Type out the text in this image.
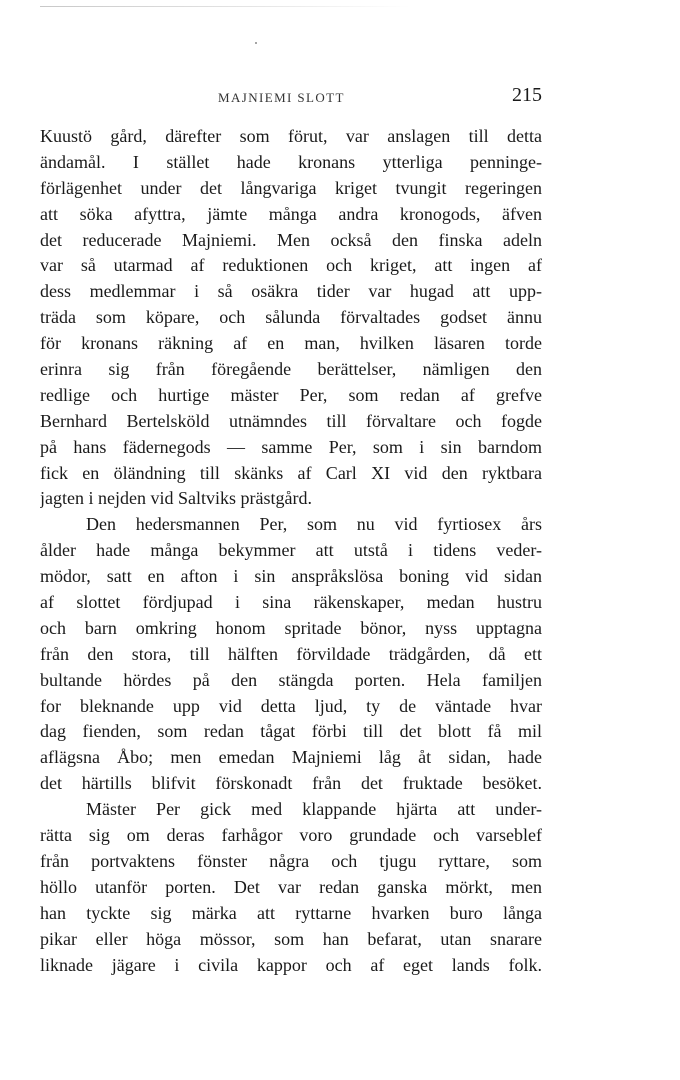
MAJNIEMI SLOTT	215
Kuustö gård, därefter som förut, var anslagen till detta
ändamål. I stället hade kronans ytterliga penninge-
förlägenhet under det långvariga kriget tvungit regeringen
att söka afyttra, jämte många andra kronogods, äfven
det reducerade Majniemi. Men också den finska adeln
var så utarmad af reduktionen och kriget, att ingen af
dess medlemmar i så osäkra tider var hugad att upp-
träda som köpare, och sålunda förvaltades godset ännu
för kronans räkning af en man, hvilken läsaren torde
erinra sig från föregående berättelser, nämligen den
redlige och hurtige mäster Per, som redan af grefve
Bernhard Bertelsköld utnämndes till förvaltare och fogde
på hans fädernegods — samme Per, som i sin barndom
fick en öländning till skänks af Carl XI vid den ryktbara
jagten i nejden vid Saltviks prästgård.
Den hedersmannen Per, som nu vid fyrtiosex års
ålder hade många bekymmer att utstå i tidens veder-
mödor, satt en afton i sin anspråkslösa boning vid sidan
af slottet fördjupad i sina räkenskaper, medan hustru
och barn omkring honom spritade bönor, nyss upptagna
från den stora, till hälften förvildade trädgården, då ett
bultande hördes på den stängda porten. Hela familjen
for bleknande upp vid detta ljud, ty de väntade hvar
dag fienden, som redan tågat förbi till det blott få mil
aflägsna Åbo; men emedan Majniemi låg åt sidan, hade
det härtills blifvit förskonadt från det fruktade besöket.
Mäster Per gick med klappande hjärta att under-
rätta sig om deras farhågor voro grundade och varseblef
från portvaktens fönster några och tjugu ryttare, som
höllo utanför porten. Det var redan ganska mörkt, men
han tyckte sig märka att ryttarne hvarken buro långa
pikar eller höga mössor, som han befarat, utan snarare
liknade jägare i civila kappor och af eget lands folk.
